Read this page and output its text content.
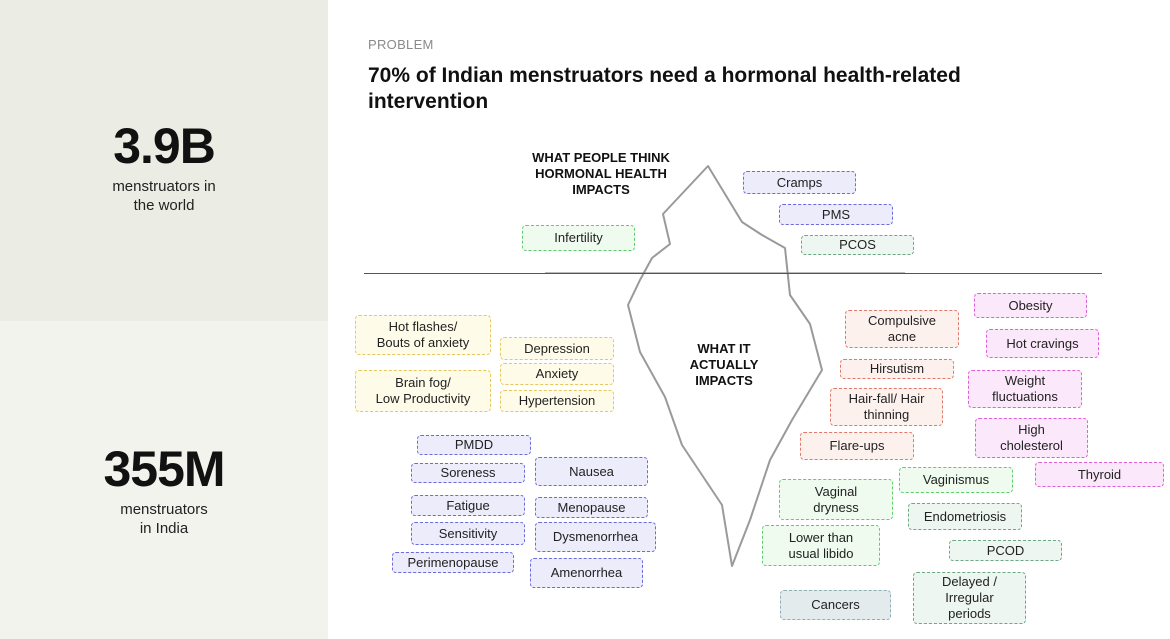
3.9B
menstruators in
the world
355M
menstruators
in India
PROBLEM
70% of Indian menstruators need a hormonal health-related intervention
WHAT PEOPLE THINK
HORMONAL HEALTH
IMPACTS
WHAT IT
ACTUALLY
IMPACTS
Cramps
PMS
PCOS
Infertility
Hot flashes/
Bouts of anxiety
Brain fog/
Low Productivity
Depression
Anxiety
Hypertension
PMDD
Soreness	Nausea
Fatigue	Menopause
Sensitivity	Dysmenorrhea
Perimenopause
Amenorrhea
Compulsive
acne
Hirsutism
Hair-fall/ Hair
thinning
Flare-ups
Obesity
Hot cravings
Weight
fluctuations
High
cholesterol
Thyroid
Vaginismus
Vaginal
dryness
Endometriosis
Lower than
usual libido	PCOD
Delayed /
Irregular
periods
Cancers
